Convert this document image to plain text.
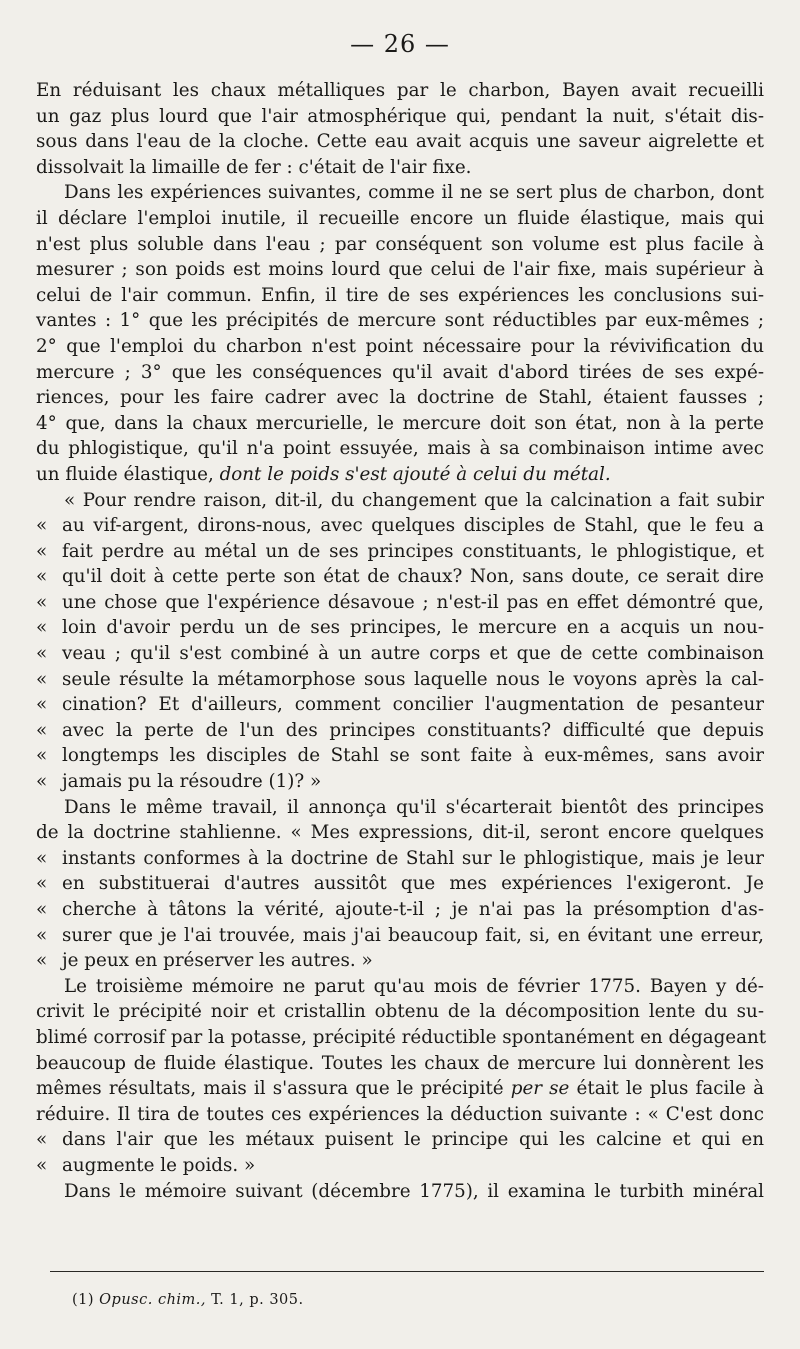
— 26 —
En réduisant les chaux métalliques par le charbon, Bayen avait recueilli
un gaz plus lourd que l'air atmosphérique qui, pendant la nuit, s'était dis-
sous dans l'eau de la cloche. Cette eau avait acquis une saveur aigrelette et
dissolvait la limaille de fer : c'était de l'air fixe.
Dans les expériences suivantes, comme il ne se sert plus de charbon, dont
il déclare l'emploi inutile, il recueille encore un fluide élastique, mais qui
n'est plus soluble dans l'eau ; par conséquent son volume est plus facile à
mesurer ; son poids est moins lourd que celui de l'air fixe, mais supérieur à
celui de l'air commun. Enfin, il tire de ses expériences les conclusions sui-
vantes : 1° que les précipités de mercure sont réductibles par eux-mêmes ;
2° que l'emploi du charbon n'est point nécessaire pour la révivification du
mercure ; 3° que les conséquences qu'il avait d'abord tirées de ses expé-
riences, pour les faire cadrer avec la doctrine de Stahl, étaient fausses ;
4° que, dans la chaux mercurielle, le mercure doit son état, non à la perte
du phlogistique, qu'il n'a point essuyée, mais à sa combinaison intime avec
un fluide élastique, dont le poids s'est ajouté à celui du métal.
« Pour rendre raison, dit-il, du changement que la calcination a fait subir
« au vif-argent, dirons-nous, avec quelques disciples de Stahl, que le feu a
« fait perdre au métal un de ses principes constituants, le phlogistique, et
« qu'il doit à cette perte son état de chaux? Non, sans doute, ce serait dire
« une chose que l'expérience désavoue ; n'est-il pas en effet démontré que,
« loin d'avoir perdu un de ses principes, le mercure en a acquis un nou-
« veau ; qu'il s'est combiné à un autre corps et que de cette combinaison
« seule résulte la métamorphose sous laquelle nous le voyons après la cal-
« cination? Et d'ailleurs, comment concilier l'augmentation de pesanteur
« avec la perte de l'un des principes constituants? difficulté que depuis
« longtemps les disciples de Stahl se sont faite à eux-mêmes, sans avoir
« jamais pu la résoudre (1)? »
Dans le même travail, il annonça qu'il s'écarterait bientôt des principes
de la doctrine stahlienne. « Mes expressions, dit-il, seront encore quelques
« instants conformes à la doctrine de Stahl sur le phlogistique, mais je leur
« en substituerai d'autres aussitôt que mes expériences l'exigeront. Je
« cherche à tâtons la vérité, ajoute-t-il ; je n'ai pas la présomption d'as-
« surer que je l'ai trouvée, mais j'ai beaucoup fait, si, en évitant une erreur,
« je peux en préserver les autres. »
Le troisième mémoire ne parut qu'au mois de février 1775. Bayen y dé-
crivit le précipité noir et cristallin obtenu de la décomposition lente du su-
blimé corrosif par la potasse, précipité réductible spontanément en dégageant
beaucoup de fluide élastique. Toutes les chaux de mercure lui donnèrent les
mêmes résultats, mais il s'assura que le précipité per se était le plus facile à
réduire. Il tira de toutes ces expériences la déduction suivante : « C'est donc
« dans l'air que les métaux puisent le principe qui les calcine et qui en
« augmente le poids. »
Dans le mémoire suivant (décembre 1775), il examina le turbith minéral
(1) Opusc. chim., T. 1, p. 305.
